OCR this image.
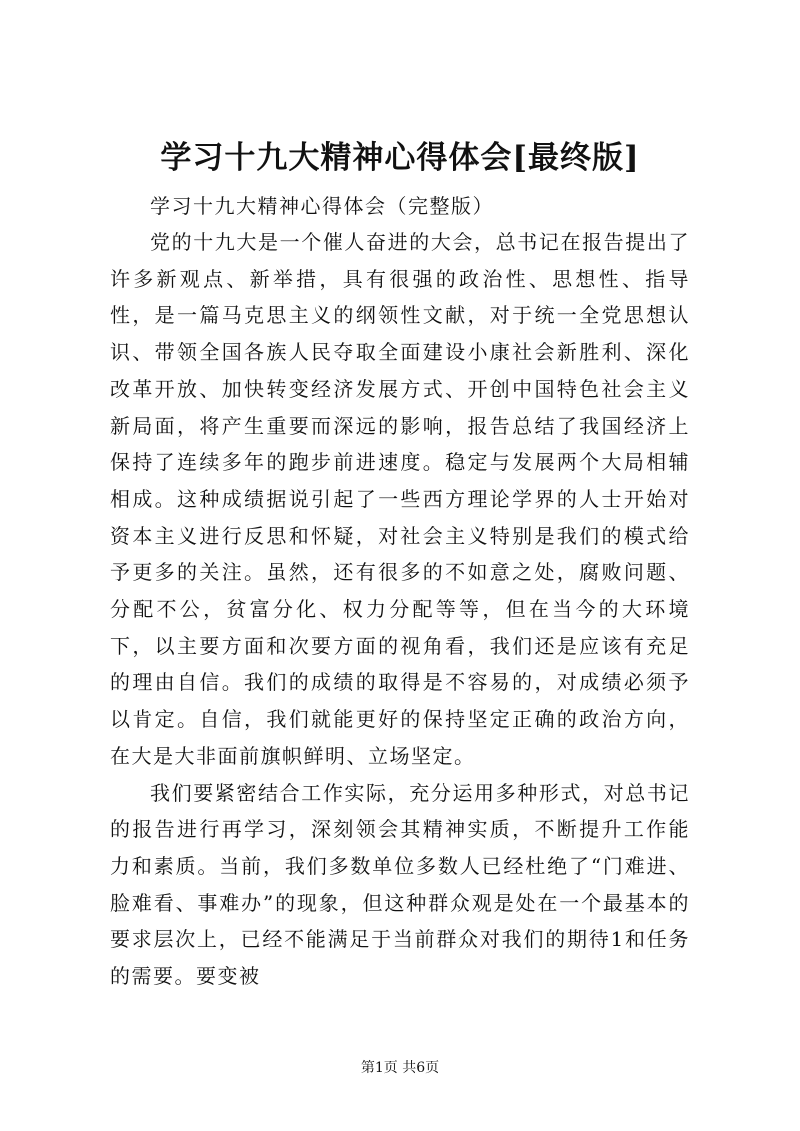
学习十九大精神心得体会[最终版]

学习十九大精神心得体会（完整版）

党的十九大是一个催人奋进的大会，总书记在报告提出了许多新观点、新举措，具有很强的政治性、思想性、指导性，是一篇马克思主义的纲领性文献，对于统一全党思想认识、带领全国各族人民夺取全面建设小康社会新胜利、深化改革开放、加快转变经济发展方式、开创中国特色社会主义新局面，将产生重要而深远的影响，报告总结了我国经济上保持了连续多年的跑步前进速度。稳定与发展两个大局相辅相成。这种成绩据说引起了一些西方理论学界的人士开始对资本主义进行反思和怀疑，对社会主义特别是我们的模式给予更多的关注。虽然，还有很多的不如意之处，腐败问题、分配不公，贫富分化、权力分配等等，但在当今的大环境下，以主要方面和次要方面的视角看，我们还是应该有充足的理由自信。我们的成绩的取得是不容易的，对成绩必须予以肯定。自信，我们就能更好的保持坚定正确的政治方向，在大是大非面前旗帜鲜明、立场坚定。

我们要紧密结合工作实际，充分运用多种形式，对总书记的报告进行再学习，深刻领会其精神实质，不断提升工作能力和素质。当前，我们多数单位多数人已经杜绝了“门难进、脸难看、事难办”的现象，但这种群众观是处在一个最基本的要求层次上，已经不能满足于当前群众对我们的期待1和任务的需要。要变被

第1页 共6页
